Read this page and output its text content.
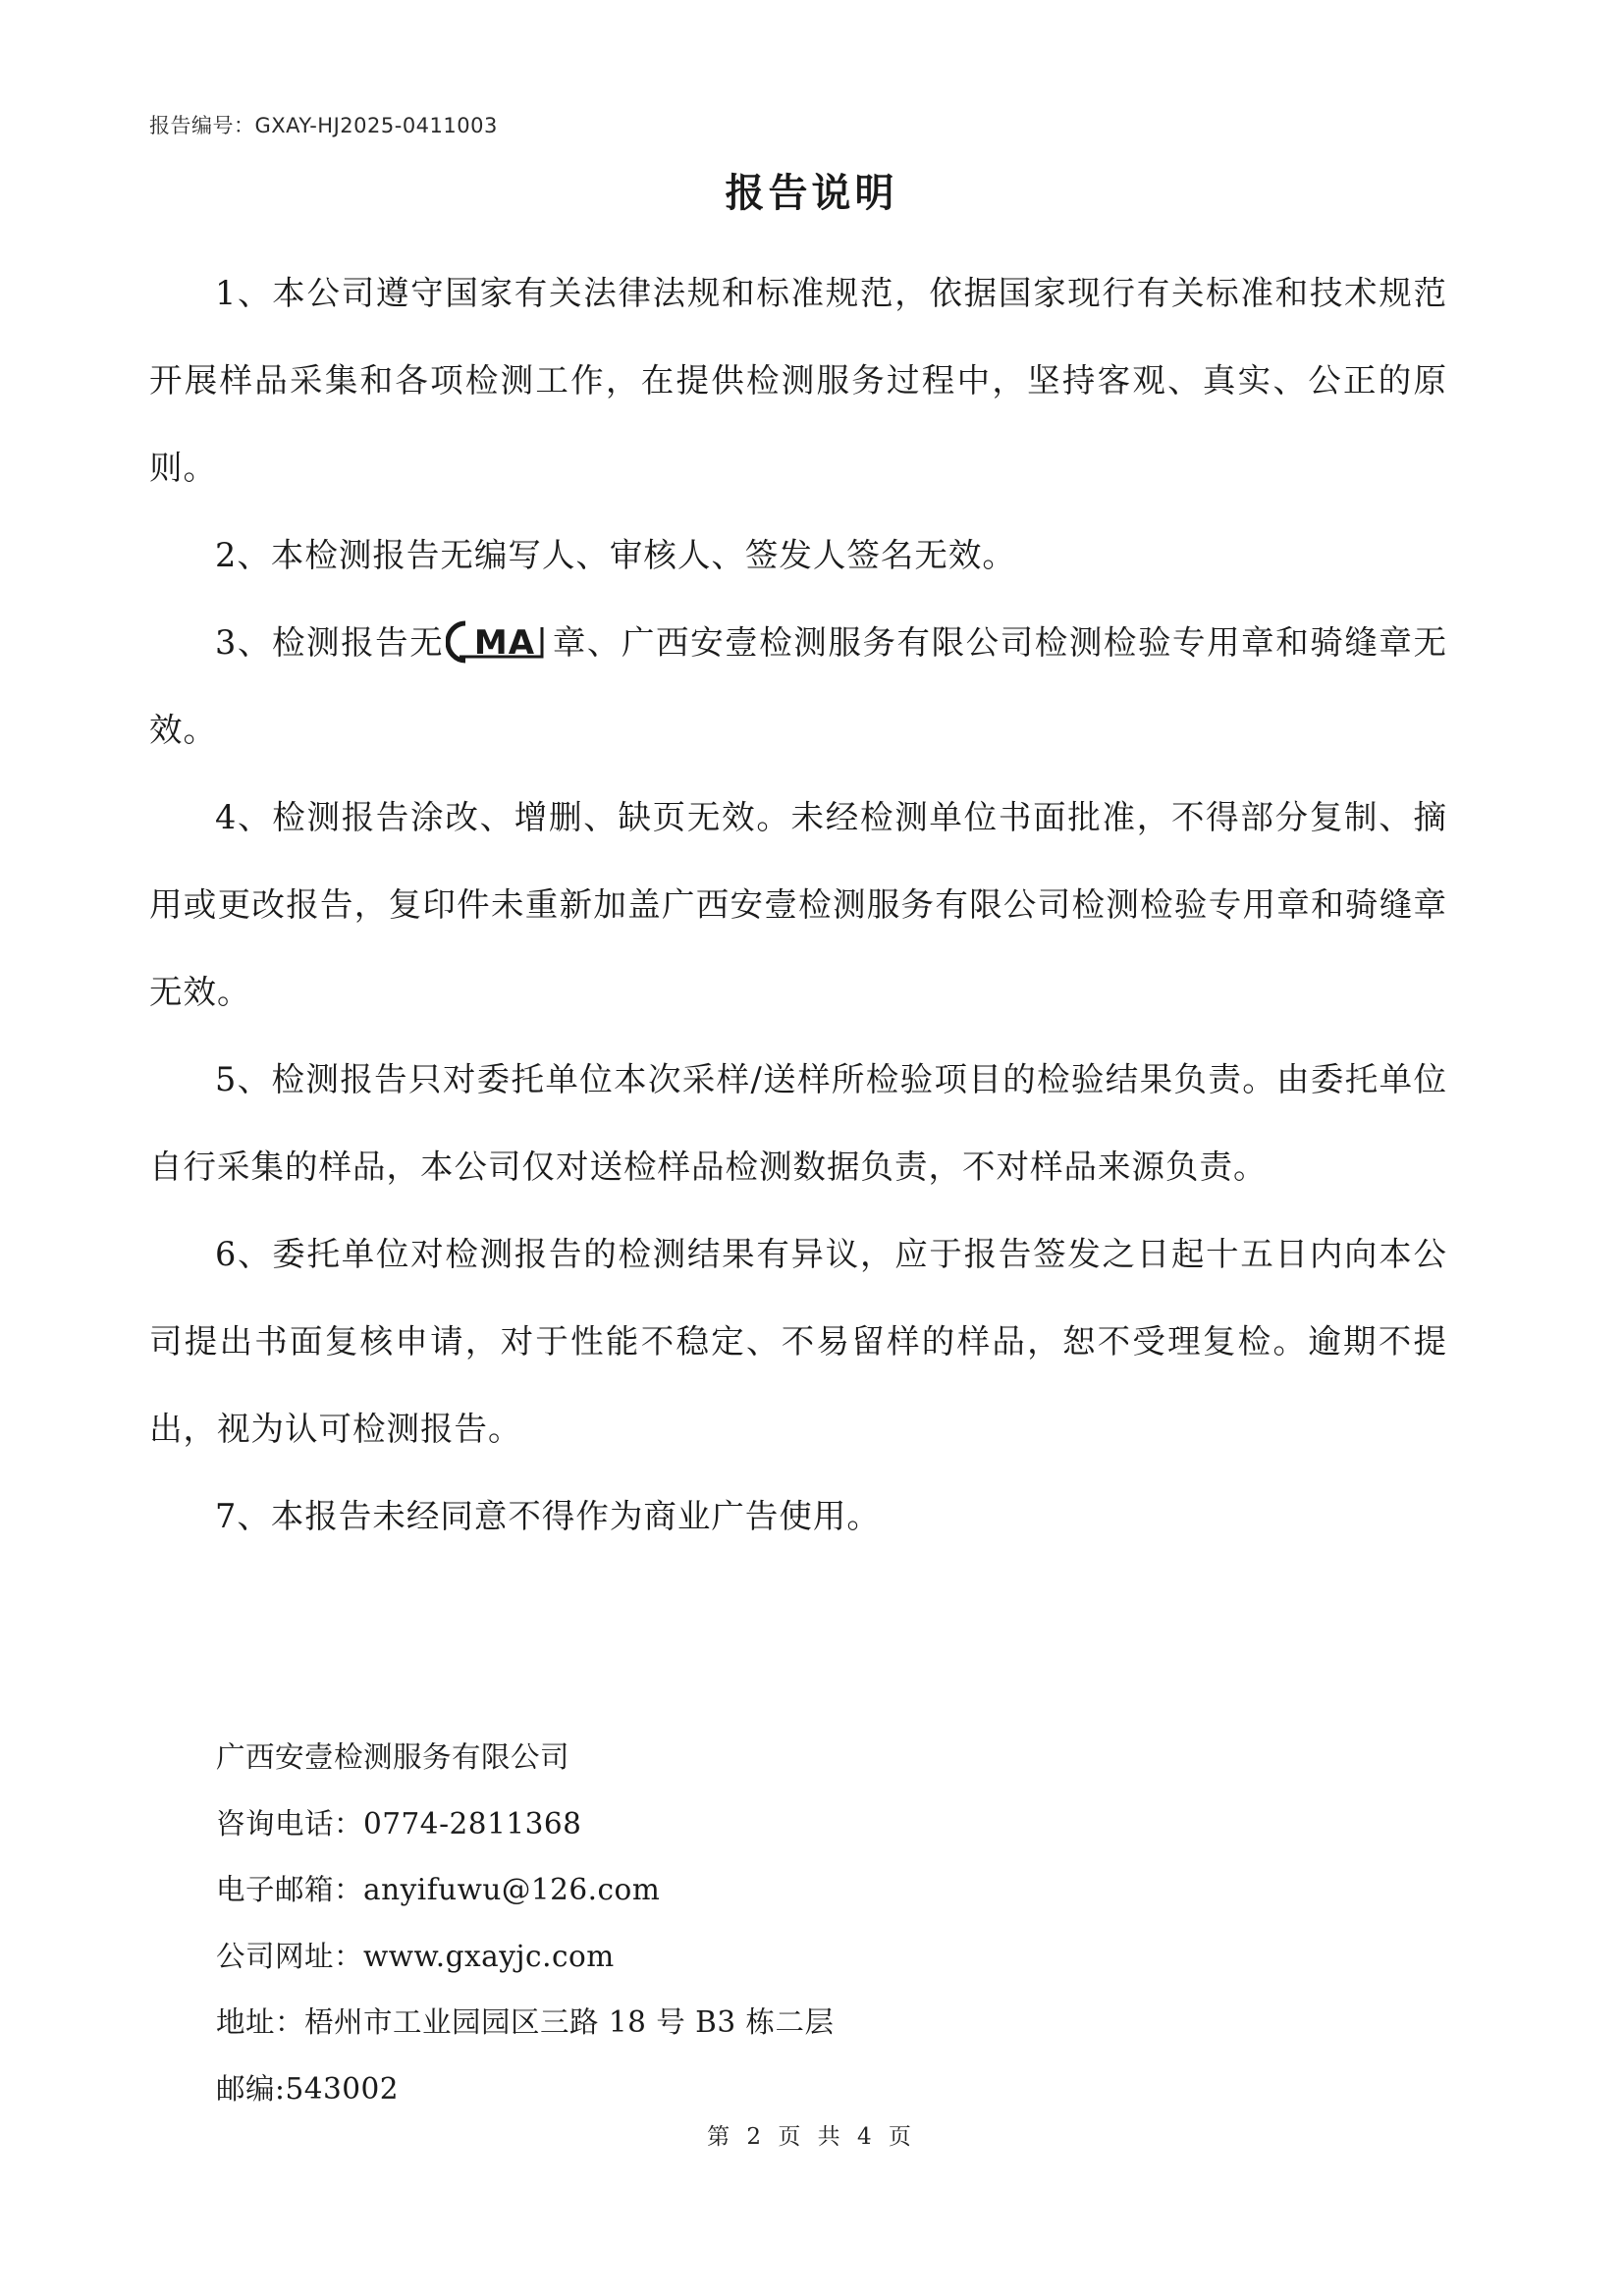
报告编号：GXAY-HJ2025-0411003
报告说明

1、本公司遵守国家有关法律法规和标准规范，依据国家现行有关标准和技术规范开展样品采集和各项检测工作，在提供检测服务过程中，坚持客观、真实、公正的原则。

2、本检测报告无编写人、审核人、签发人签名无效。

3、检测报告无 MA 章、广西安壹检测服务有限公司检测检验专用章和骑缝章无效。

4、检测报告涂改、增删、缺页无效。未经检测单位书面批准，不得部分复制、摘用或更改报告，复印件未重新加盖广西安壹检测服务有限公司检测检验专用章和骑缝章无效。

5、检测报告只对委托单位本次采样/送样所检验项目的检验结果负责。由委托单位自行采集的样品，本公司仅对送检样品检测数据负责，不对样品来源负责。

6、委托单位对检测报告的检测结果有异议，应于报告签发之日起十五日内向本公司提出书面复核申请，对于性能不稳定、不易留样的样品，恕不受理复检。逾期不提出，视为认可检测报告。

7、本报告未经同意不得作为商业广告使用。

广西安壹检测服务有限公司
咨询电话：0774-2811368
电子邮箱：anyifuwu@126.com
公司网址：www.gxayjc.com
地址：梧州市工业园园区三路 18 号 B3 栋二层
邮编:543002
第 2 页 共 4 页
